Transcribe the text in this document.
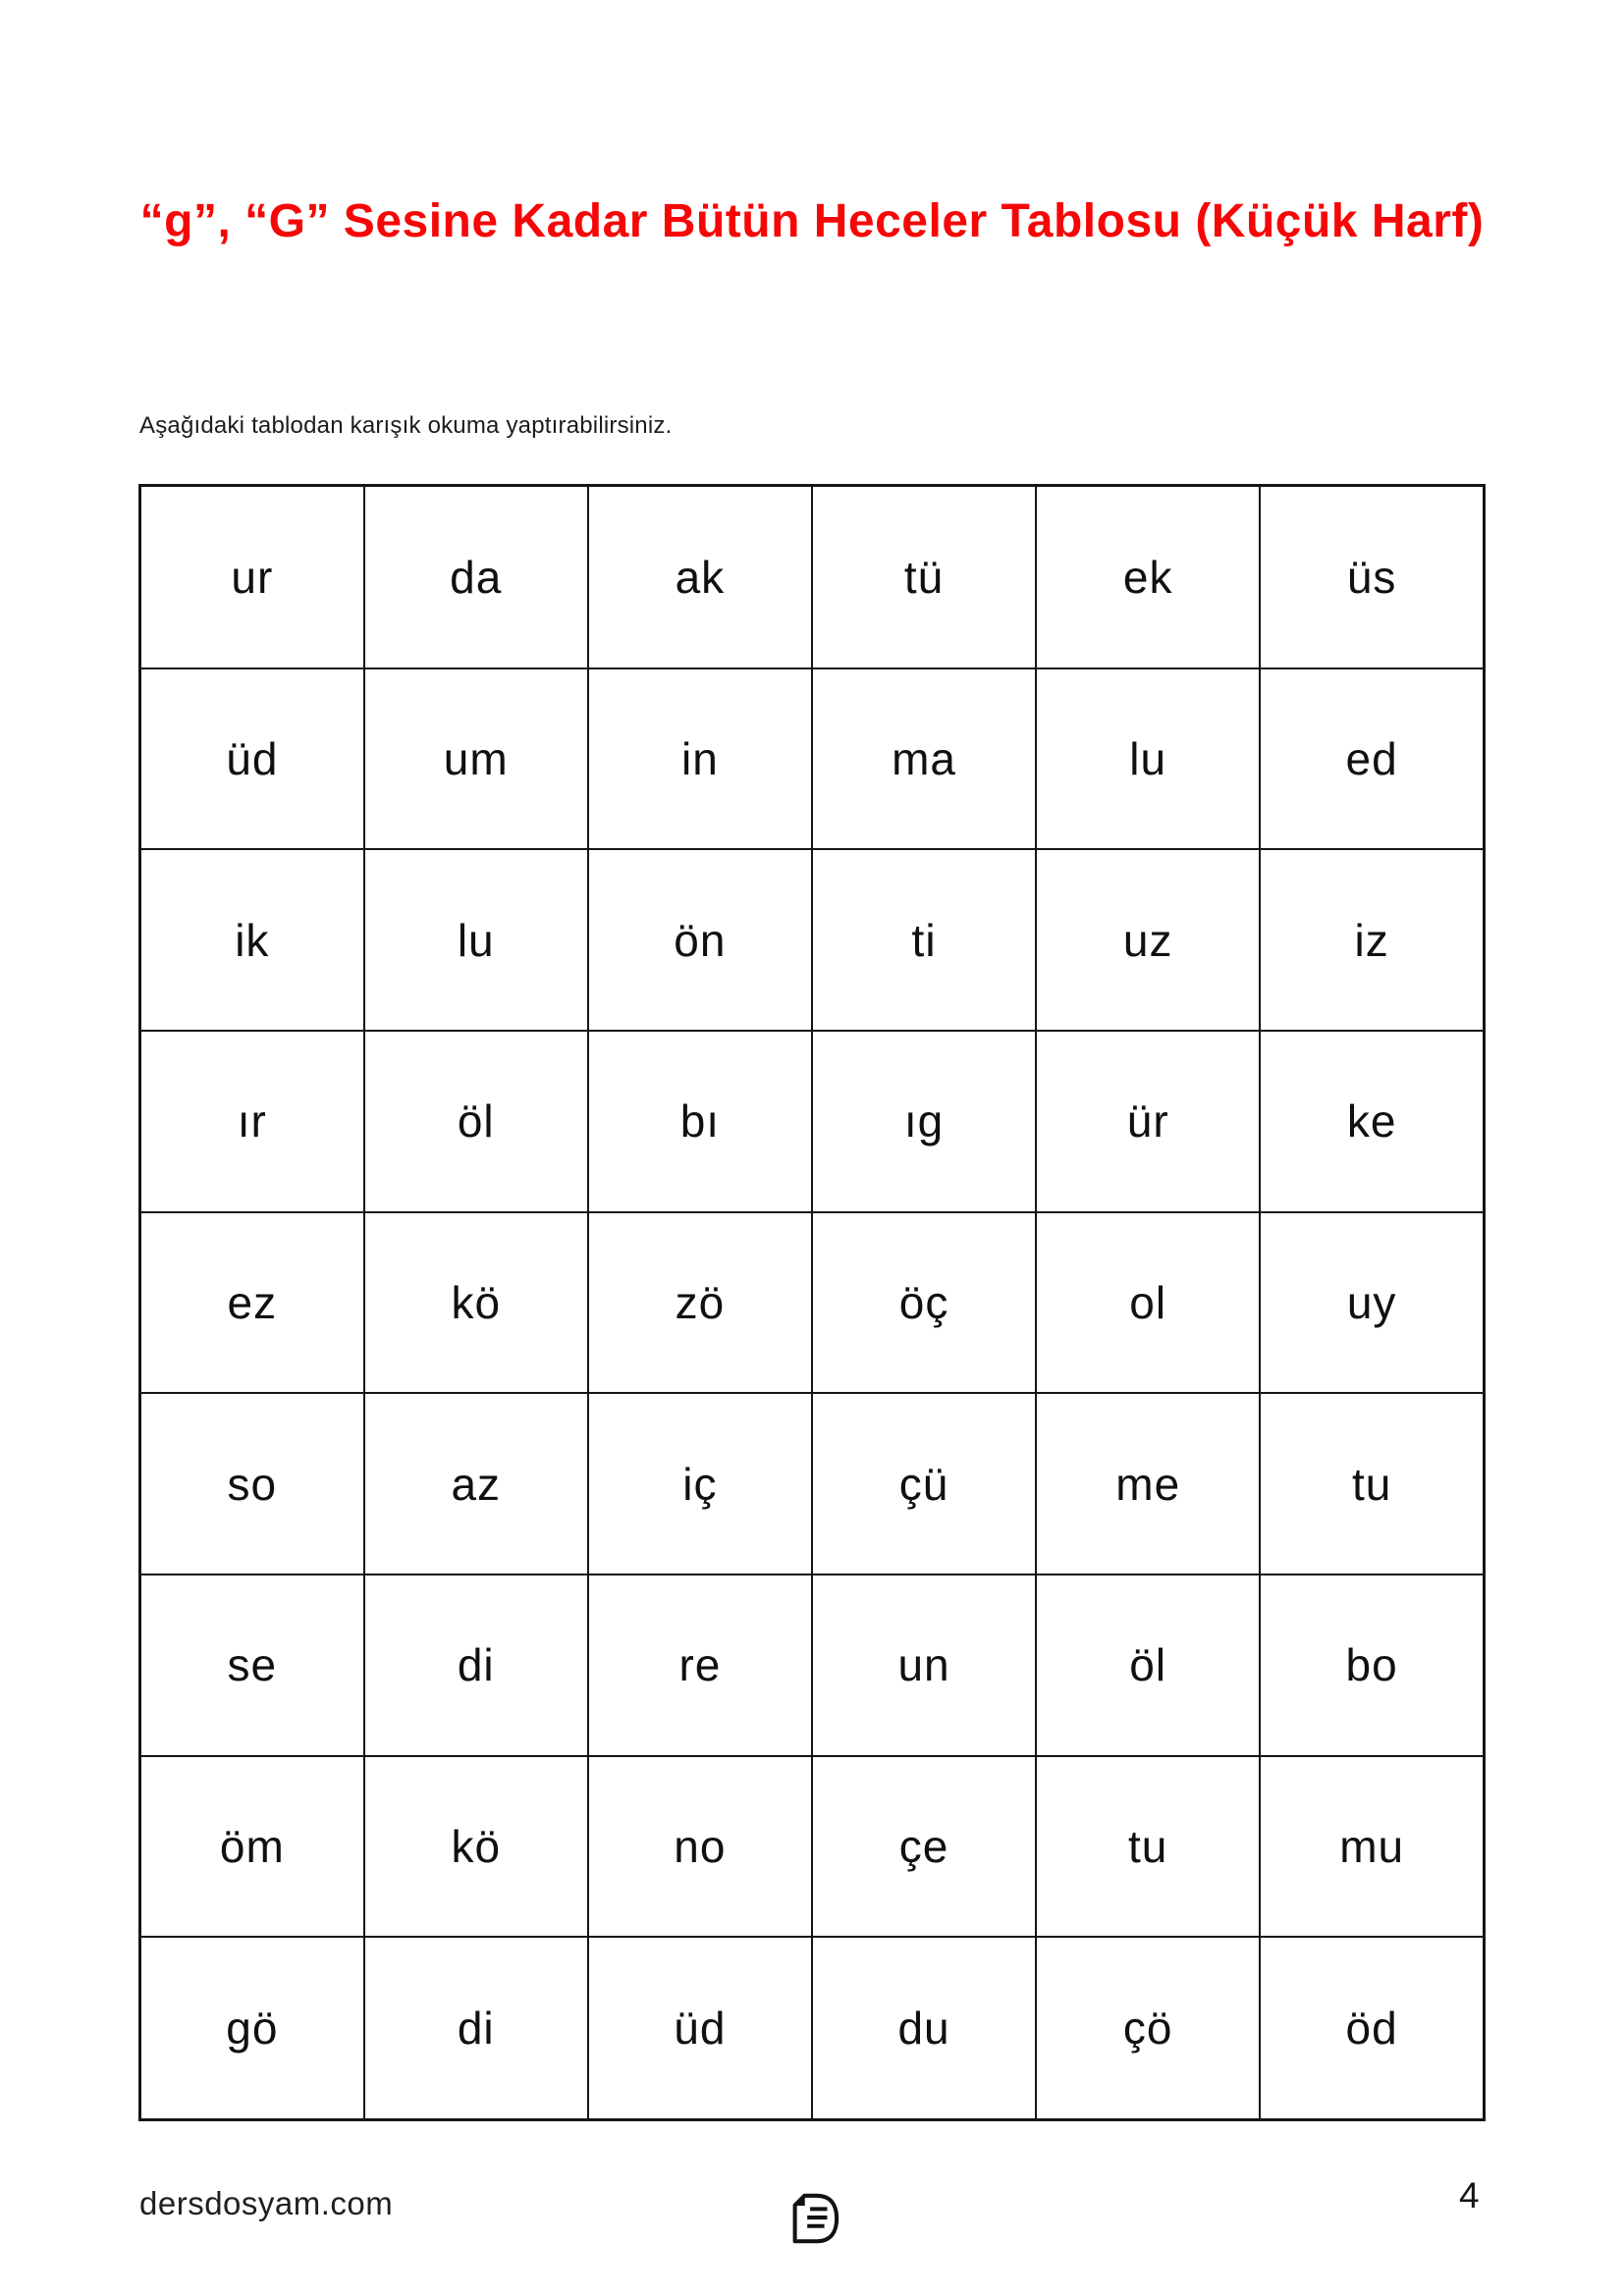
“g”, “G” Sesine Kadar Bütün Heceler Tablosu (Küçük Harf)
Aşağıdaki tablodan karışık okuma yaptırabilirsiniz.
ur	da	ak	tü	ek	üs
üd	um	in	ma	lu	ed
ik	lu	ön	ti	uz	iz
ır	öl	bı	ıg	ür	ke
ez	kö	zö	öç	ol	uy
so	az	iç	çü	me	tu
se	di	re	un	öl	bo
öm	kö	no	çe	tu	mu
gö	di	üd	du	çö	öd
dersdosyam.com	4
